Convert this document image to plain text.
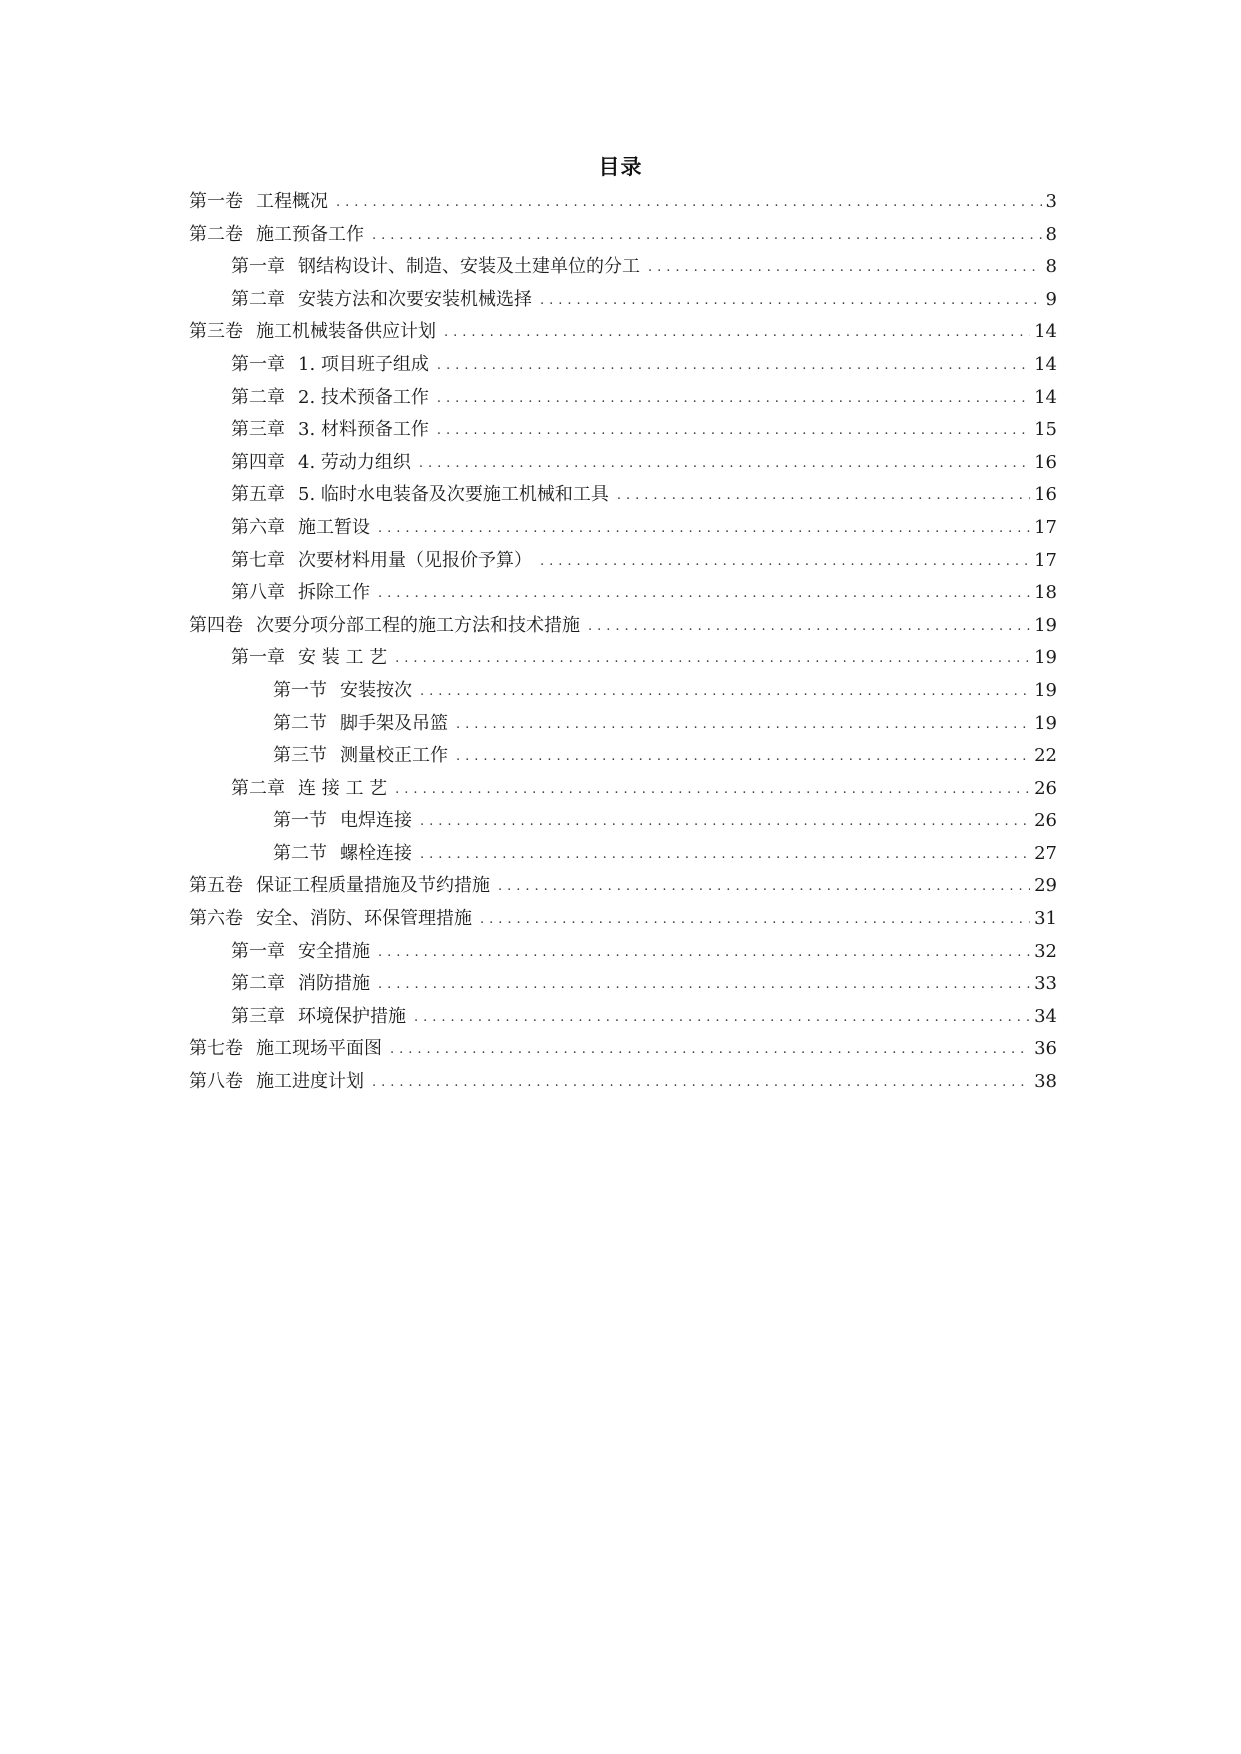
目录
第一卷 工程概况 .....	3
第二卷 施工预备工作 .....	8
第一章 钢结构设计、制造、安装及土建单位的分工 .....	8
第二章 安装方法和次要安装机械选择 .....	9
第三卷 施工机械装备供应计划 .....	14
第一章 1. 项目班子组成 .....	14
第二章 2. 技术预备工作 .....	14
第三章 3. 材料预备工作 .....	15
第四章 4. 劳动力组织 .....	16
第五章 5. 临时水电装备及次要施工机械和工具 .....	16
第六章 施工暂设 .....	17
第七章 次要材料用量（见报价予算） .....	17
第八章 拆除工作 .....	18
第四卷 次要分项分部工程的施工方法和技术措施 .....	19
第一章 安 装 工 艺 .....	19
第一节 安装按次 .....	19
第二节 脚手架及吊篮 .....	19
第三节 测量校正工作 .....	22
第二章 连 接 工 艺 .....	26
第一节 电焊连接 .....	26
第二节 螺栓连接 .....	27
第五卷 保证工程质量措施及节约措施 .....	29
第六卷 安全、消防、环保管理措施 .....	31
第一章 安全措施 .....	32
第二章 消防措施 .....	33
第三章 环境保护措施 .....	34
第七卷 施工现场平面图 .....	36
第八卷 施工进度计划 .....	38
